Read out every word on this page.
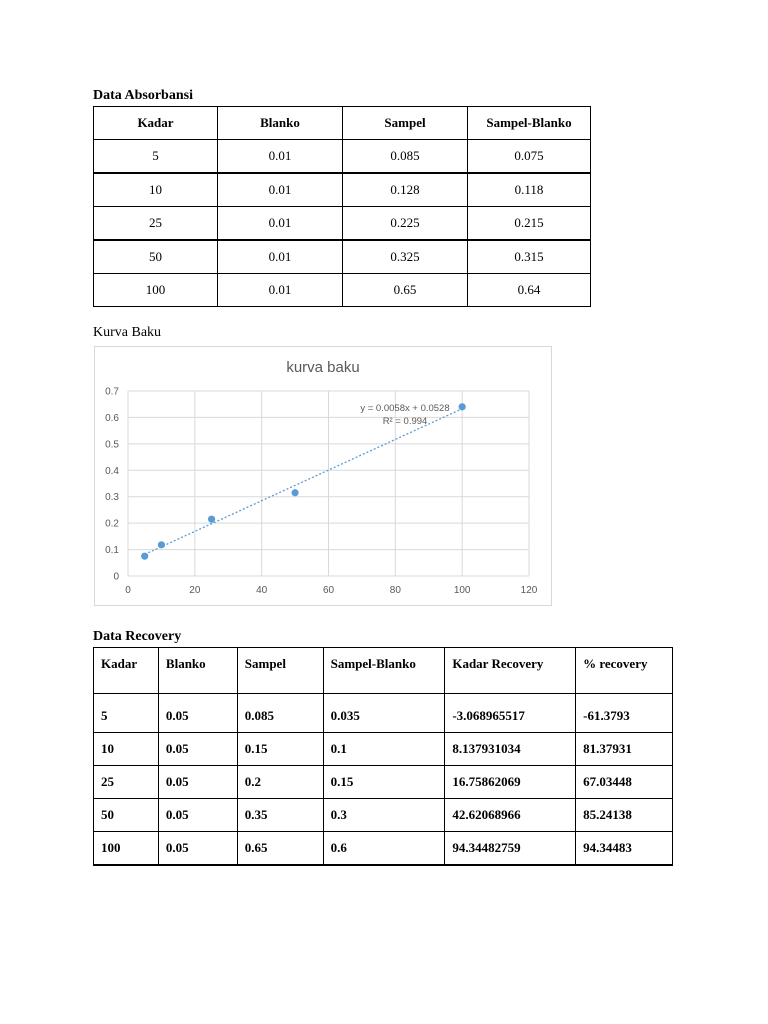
Data Absorbansi
Kadar	Blanko	Sampel	Sampel-Blanko
5	0.01	0.085	0.075
10	0.01	0.128	0.118
25	0.01	0.225	0.215
50	0.01	0.325	0.315
100	0.01	0.65	0.64
Kurva Baku
kurva baku
0	20	40	60	80	100	120
0
0.1
0.2
0.3
0.4
0.5
0.6
0.7
y = 0.0058x + 0.0528
R² = 0.994
Data Recovery
Kadar	Blanko	Sampel	Sampel-Blanko	Kadar Recovery	% recovery
5	0.05	0.085	0.035	-3.068965517	-61.3793
10	0.05	0.15	0.1	8.137931034	81.37931
25	0.05	0.2	0.15	16.75862069	67.03448
50	0.05	0.35	0.3	42.62068966	85.24138
100	0.05	0.65	0.6	94.34482759	94.34483
